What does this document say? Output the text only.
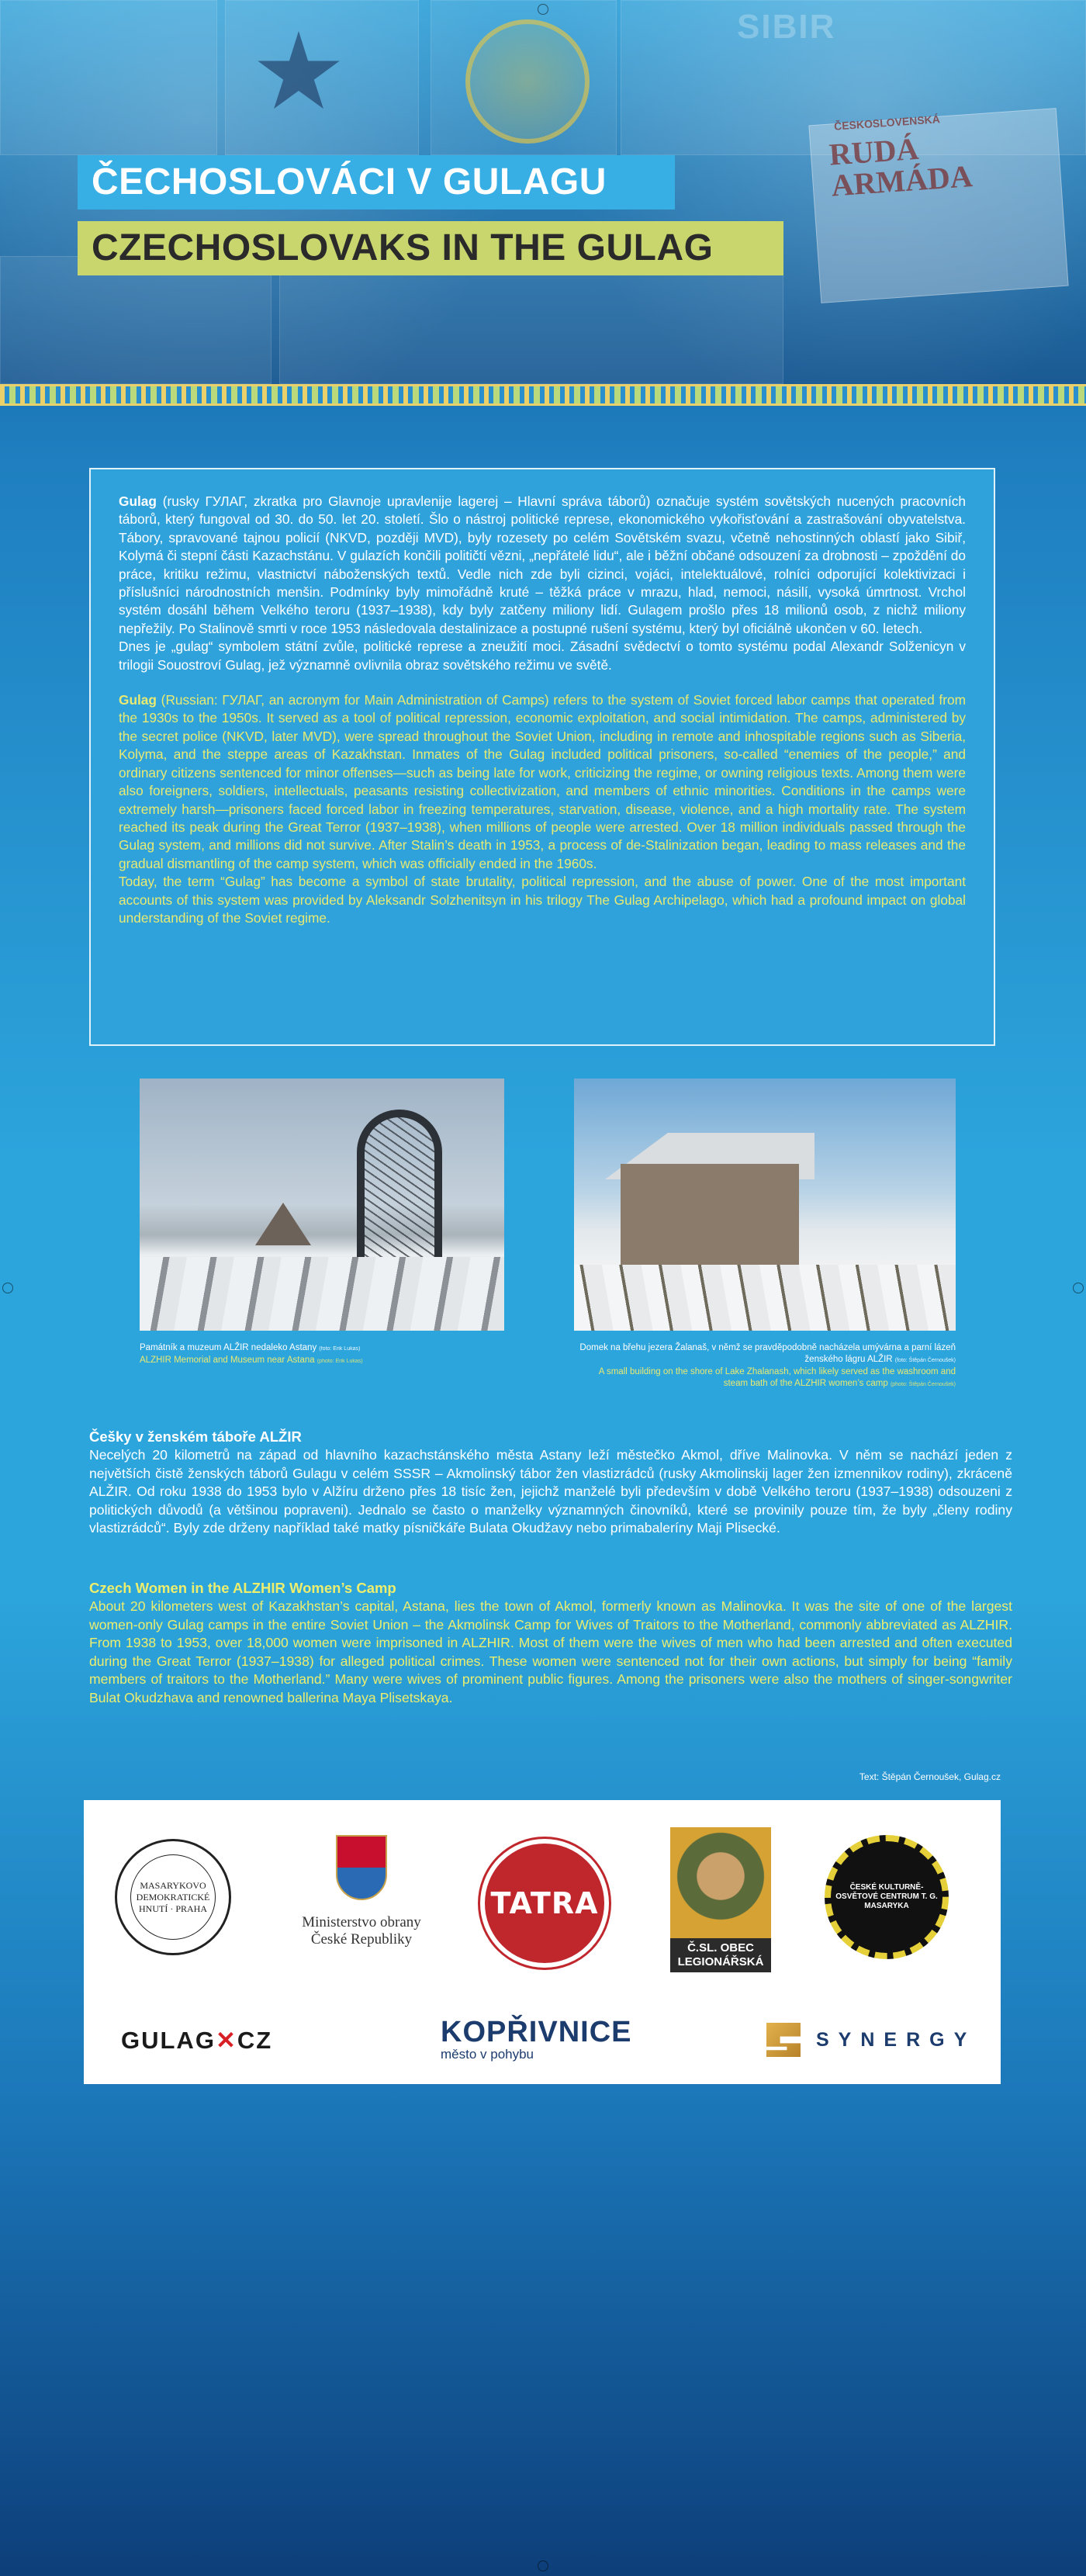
SIBIR
ČESKOSLOVENSKÁ
RUDÁ ARMÁDA
ČECHOSLOVÁCI V GULAGU
CZECHOSLOVAKS IN THE GULAG

Gulag (rusky ГУЛАГ, zkratka pro Glavnoje upravlenije lagerej – Hlavní správa táborů) označuje systém sovětských nucených pracovních táborů, který fungoval od 30. do 50. let 20. století. Šlo o nástroj politické represe, ekonomického vykořisťování a zastrašování obyvatelstva. Tábory, spravované tajnou policií (NKVD, později MVD), byly rozesety po celém Sovětském svazu, včetně nehostinných oblastí jako Sibiř, Kolymá či stepní části Kazachstánu. V gulazích končili političtí vězni, „nepřátelé lidu“, ale i běžní občané odsouzení za drobnosti – zpoždění do práce, kritiku režimu, vlastnictví náboženských textů. Vedle nich zde byli cizinci, vojáci, intelektuálové, rolníci odporující kolektivizaci i příslušníci národnostních menšin. Podmínky byly mimořádně kruté – těžká práce v mrazu, hlad, nemoci, násilí, vysoká úmrtnost. Vrchol systém dosáhl během Velkého teroru (1937–1938), kdy byly zatčeny miliony lidí. Gulagem prošlo přes 18 milionů osob, z nichž miliony nepřežily. Po Stalinově smrti v roce 1953 následovala destalinizace a postupné rušení systému, který byl oficiálně ukončen v 60. letech.
Dnes je „gulag“ symbolem státní zvůle, politické represe a zneužití moci. Zásadní svědectví o tomto systému podal Alexandr Solženicyn v trilogii Souostroví Gulag, jež významně ovlivnila obraz sovětského režimu ve světě.

Gulag (Russian: ГУЛАГ, an acronym for Main Administration of Camps) refers to the system of Soviet forced labor camps that operated from the 1930s to the 1950s. It served as a tool of political repression, economic exploitation, and social intimidation. The camps, administered by the secret police (NKVD, later MVD), were spread throughout the Soviet Union, including in remote and inhospitable regions such as Siberia, Kolyma, and the steppe areas of Kazakhstan. Inmates of the Gulag included political prisoners, so-called “enemies of the people,” and ordinary citizens sentenced for minor offenses—such as being late for work, criticizing the regime, or owning religious texts. Among them were also foreigners, soldiers, intellectuals, peasants resisting collectivization, and members of ethnic minorities. Conditions in the camps were extremely harsh—prisoners faced forced labor in freezing temperatures, starvation, disease, violence, and a high mortality rate. The system reached its peak during the Great Terror (1937–1938), when millions of people were arrested. Over 18 million individuals passed through the Gulag system, and millions did not survive. After Stalin’s death in 1953, a process of de-Stalinization began, leading to mass releases and the gradual dismantling of the camp system, which was officially ended in the 1960s.
Today, the term “Gulag” has become a symbol of state brutality, political repression, and the abuse of power. One of the most important accounts of this system was provided by Aleksandr Solzhenitsyn in his trilogy The Gulag Archipelago, which had a profound impact on global understanding of the Soviet regime.

Památník a muzeum ALŽIR nedaleko Astany (foto: Erik Lukas)
ALZHIR Memorial and Museum near Astana (photo: Erik Lukas)
Domek na břehu jezera Žalanaš, v němž se pravděpodobně nacházela umývárna a parní lázeň ženského lágru ALŽIR (foto: Štěpán Černoušek)
A small building on the shore of Lake Zhalanash, which likely served as the washroom and steam bath of the ALZHIR women’s camp (photo: Štěpán Černoušek)
Češky v ženském táboře ALŽIR
Necelých 20 kilometrů na západ od hlavního kazachstánského města Astany leží městečko Akmol, dříve Malinovka. V něm se nachází jeden z největších čistě ženských táborů Gulagu v celém SSSR – Akmolinský tábor žen vlastizrádců (rusky Akmolinskij lager žen izmennikov rodiny), zkráceně ALŽIR. Od roku 1938 do 1953 bylo v Alžíru drženo přes 18 tisíc žen, jejichž manželé byli především v době Velkého teroru (1937–1938) odsouzeni z politických důvodů (a většinou popraveni). Jednalo se často o manželky významných činovníků, které se provinily pouze tím, že byly „členy rodiny vlastizrádců“. Byly zde drženy například také matky písničkáře Bulata Okudžavy nebo primabaleríny Maji Plisecké.
Czech Women in the ALZHIR Women’s Camp
About 20 kilometers west of Kazakhstan’s capital, Astana, lies the town of Akmol, formerly known as Malinovka. It was the site of one of the largest women-only Gulag camps in the entire Soviet Union – the Akmolinsk Camp for Wives of Traitors to the Motherland, commonly abbreviated as ALZHIR. From 1938 to 1953, over 18,000 women were imprisoned in ALZHIR. Most of them were the wives of men who had been arrested and often executed during the Great Terror (1937–1938) for alleged political crimes. These women were sentenced not for their own actions, but simply for being “family members of traitors to the Motherland.” Many were wives of prominent public figures. Among the prisoners were also the mothers of singer-songwriter Bulat Okudzhava and renowned ballerina Maya Plisetskaya.
Text: Štěpán Černoušek, Gulag.cz
MASARYKOVO DEMOKRATICKÉ HNUTÍ · PRAHA
Ministerstvo obrany
České Republiky
TATRA
Č.SL. OBEC
LEGIONÁŘSKÁ
ČESKÉ KULTURNĚ-OSVĚTOVÉ CENTRUM T. G. MASARYKA
GULAG✕CZ	KOPŘIVNICE
město v pohybu
SYNERGY
